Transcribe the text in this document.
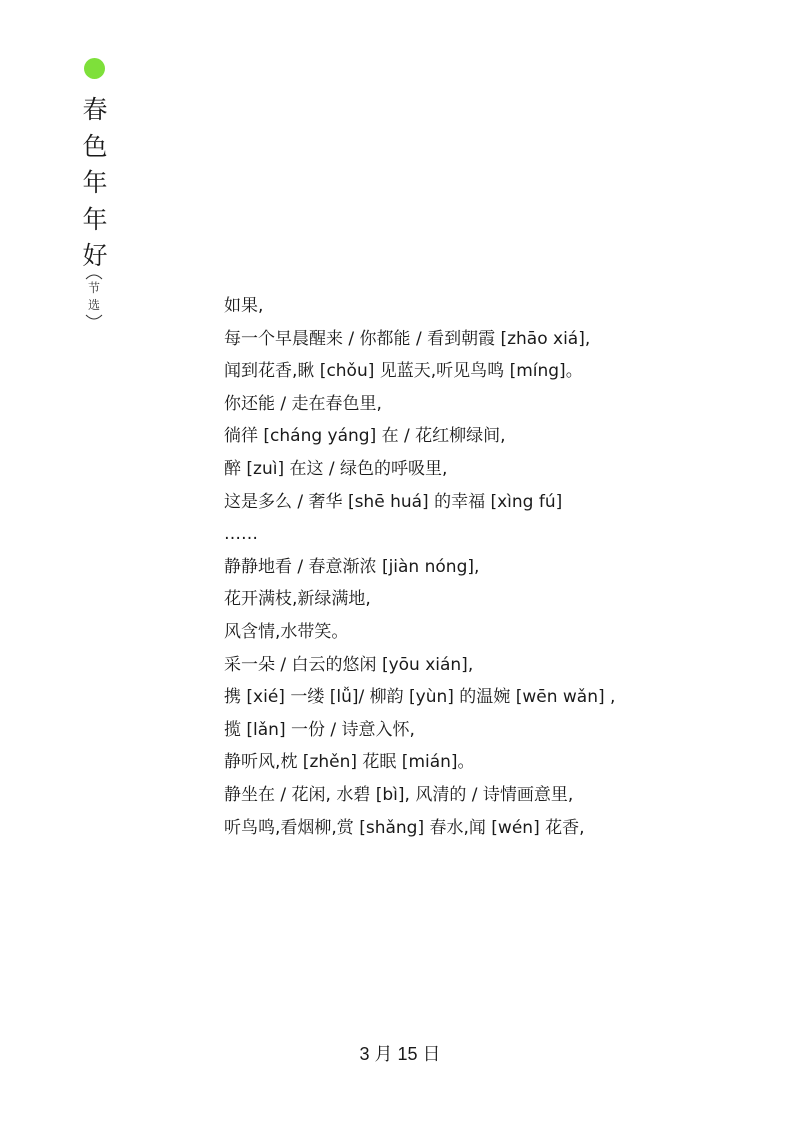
春
色
年
年
好
节
选	如果,
每一个早晨醒来 / 你都能 / 看到朝霞 [zhāo xiá],
闻到花香,瞅 [chǒu] 见蓝天,听见鸟鸣 [míng]。
你还能 / 走在春色里,
徜徉 [cháng yáng] 在 / 花红柳绿间,
醉 [zuì] 在这 / 绿色的呼吸里,
这是多么 / 奢华 [shē huá] 的幸福 [xìng fú]
……
静静地看 / 春意渐浓 [jiàn nóng],
花开满枝,新绿满地,
风含情,水带笑。
采一朵 / 白云的悠闲 [yōu xián],
携 [xié] 一缕 [lǚ]/ 柳韵 [yùn] 的温婉 [wēn wǎn] ,
揽 [lǎn] 一份 / 诗意入怀,
静听风,枕 [zhěn] 花眠 [mián]。
静坐在 / 花闲, 水碧 [bì], 风清的 / 诗情画意里,
听鸟鸣,看烟柳,赏 [shǎng] 春水,闻 [wén] 花香,
3 月 15 日
